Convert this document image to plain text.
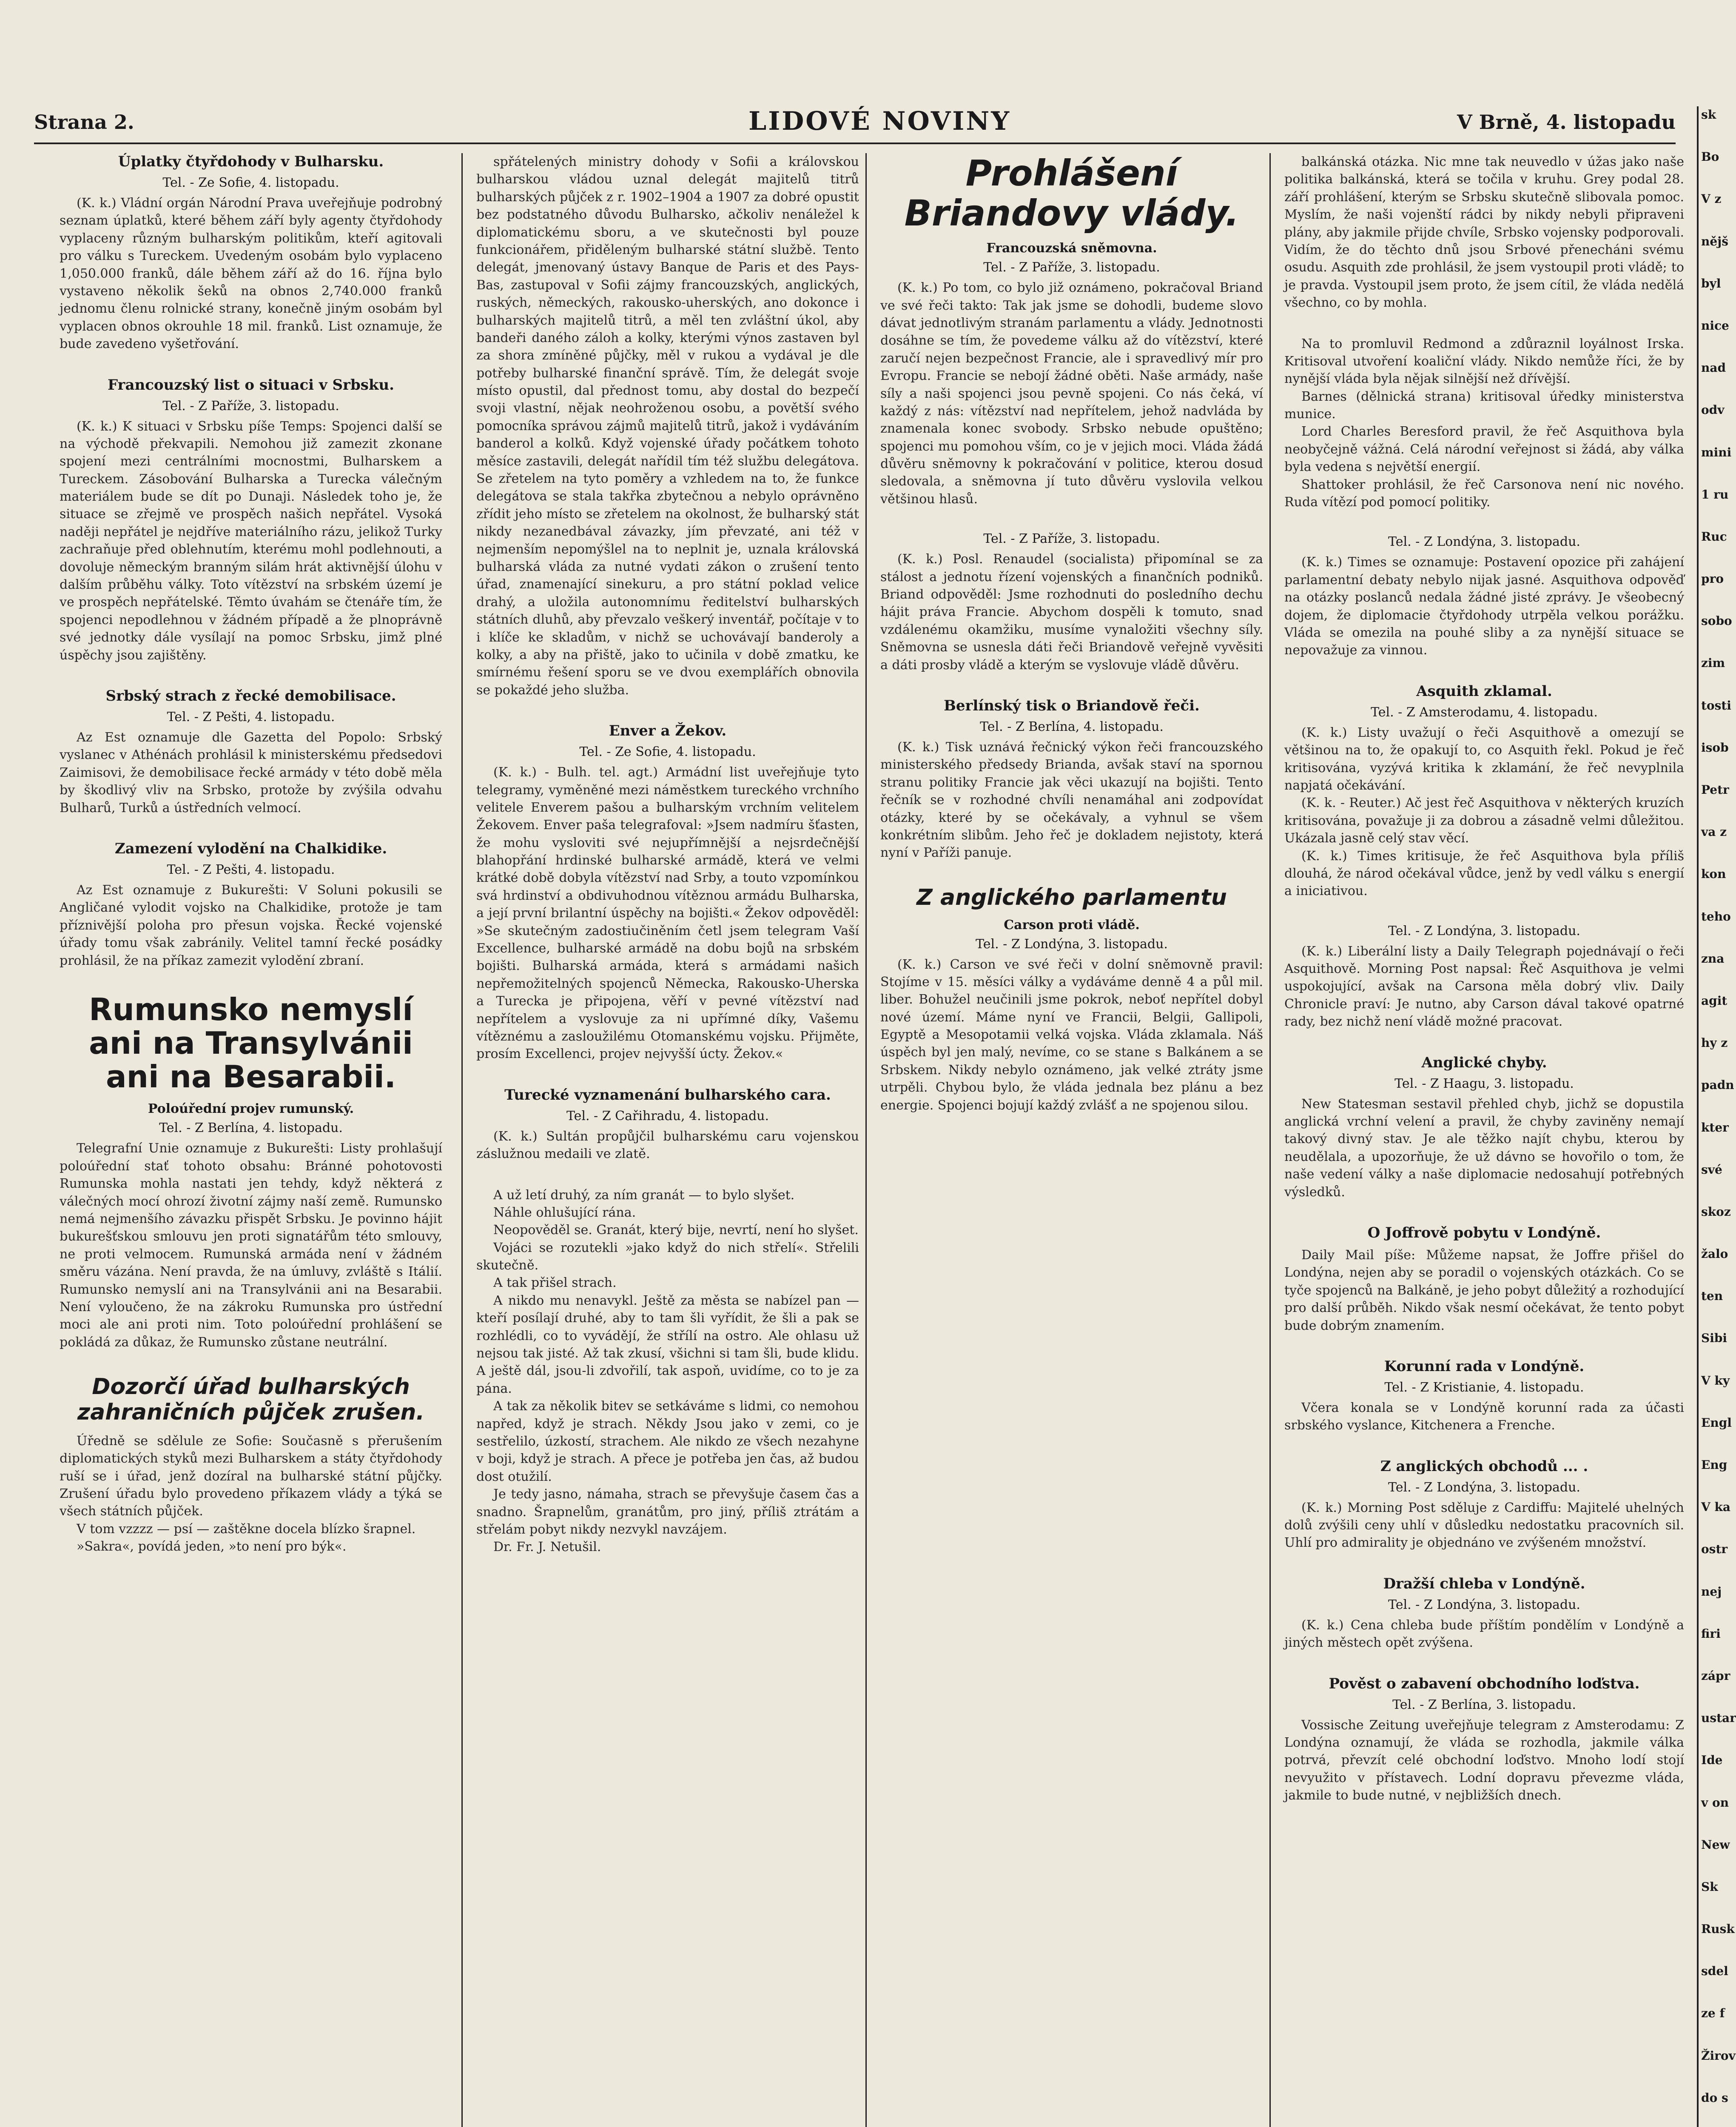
Strana 2.	LIDOVÉ NOVINY	V Brně, 4. listopadu
Úplatky čtyřdohody v Bulharsku.
Tel. - Ze Sofie, 4. listopadu.

(K. k.) Vládní orgán Národní Prava uveřejňuje podrobný seznam úplatků, které během září byly agenty čtyřdohody vyplaceny různým bulharským politikům, kteří agitovali pro válku s Tureckem. Uvedeným osobám bylo vyplaceno 1,050.000 franků, dále během září až do 16. října bylo vystaveno několik šeků na obnos 2,740.000 franků jednomu členu rolnické strany, konečně jiným osobám byl vyplacen obnos okrouhle 18 mil. franků. List oznamuje, že bude zavedeno vyšetřování.

Francouzský list o situaci v Srbsku.
Tel. - Z Paříže, 3. listopadu.

(K. k.) K situaci v Srbsku píše Temps: Spojenci další se na východě překvapili. Nemohou již zamezit zkonane spojení mezi centrálními mocnostmi, Bulharskem a Tureckem. Zásobování Bulharska a Turecka válečným materiálem bude se dít po Dunaji. Následek toho je, že situace se zřejmě ve prospěch našich nepřátel. Vysoká naději nepřátel je nejdříve materiálního rázu, jelikož Turky zachraňuje před oblehnutím, kterému mohl podlehnouti, a dovoluje německým branným silám hrát aktivnější úlohu v dalším průběhu války. Toto vítězství na srbském území je ve prospěch nepřátelské. Těmto úvahám se čtenáře tím, že spojenci nepodlehnou v žádném případě a že plnoprávně své jednotky dále vysílají na pomoc Srbsku, jimž plné úspěchy jsou zajištěny.

Srbský strach z řecké demobilisace.
Tel. - Z Pešti, 4. listopadu.

Az Est oznamuje dle Gazetta del Popolo: Srbský vyslanec v Athénách prohlásil k ministerskému předsedovi Zaimisovi, že demobilisace řecké armády v této době měla by škodlivý vliv na Srbsko, protože by zvýšila odvahu Bulharů, Turků a ústředních velmocí.

Zamezení vylodění na Chalkidike.
Tel. - Z Pešti, 4. listopadu.

Az Est oznamuje z Bukurešti: V Soluni pokusili se Angličané vylodit vojsko na Chalkidike, protože je tam příznivější poloha pro přesun vojska. Řecké vojenské úřady tomu však zabránily. Velitel tamní řecké posádky prohlásil, že na příkaz zamezit vylodění zbraní.

Rumunsko nemyslí ani na Transylvánii ani na Besarabii.
Poloúřední projev rumunský.
Tel. - Z Berlína, 4. listopadu.

Telegrafní Unie oznamuje z Bukurešti: Listy prohlašují poloúřední stať tohoto obsahu: Bránné pohotovosti Rumunska mohla nastati jen tehdy, když některá z válečných mocí ohrozí životní zájmy naší země. Rumunsko nemá nejmenšího závazku přispět Srbsku. Je povinno hájit bukurešťskou smlouvu jen proti signatářům této smlouvy, ne proti velmocem. Rumunská armáda není v žádném směru vázána. Není pravda, že na úmluvy, zvláště s Itálií. Rumunsko nemyslí ani na Transylvánii ani na Besarabii. Není vyloučeno, že na zákroku Rumunska pro ústřední moci ale ani proti nim. Toto poloúřední prohlášení se pokládá za důkaz, že Rumunsko zůstane neutrální.

Dozorčí úřad bulharských zahraničních půjček zrušen.

Úředně se sdělule ze Sofie: Současně s přerušením diplomatických styků mezi Bulharskem a státy čtyřdohody ruší se i úřad, jenž dozíral na bulharské státní půjčky. Zrušení úřadu bylo provedeno příkazem vlády a týká se všech státních půjček.

V tom vzzzz — psí — zaštěkne docela blízko šrapnel.

»Sakra«, povídá jeden, »to není pro býk«.

spřátelených ministry dohody v Sofii a královskou bulharskou vládou uznal delegát majitelů titrů bulharských půjček z r. 1902–1904 a 1907 za dobré opustit bez podstatného důvodu Bulharsko, ačkoliv nenáležel k diplomatickému sboru, a ve skutečnosti byl pouze funkcionářem, přiděleným bulharské státní službě. Tento delegát, jmenovaný ústavy Banque de Paris et des Pays-Bas, zastupoval v Sofii zájmy francouzských, anglických, ruských, německých, rakousko-uherských, ano dokonce i bulharských majitelů titrů, a měl ten zvláštní úkol, aby bandeři daného záloh a kolky, kterými výnos zastaven byl za shora zmíněné půjčky, měl v rukou a vydával je dle potřeby bulharské finanční správě. Tím, že delegát svoje místo opustil, dal přednost tomu, aby dostal do bezpečí svoji vlastní, nějak neohroženou osobu, a povětší svého pomocníka správou zájmů majitelů titrů, jakož i vydáváním banderol a kolků. Když vojenské úřady počátkem tohoto měsíce zastavili, delegát nařídil tím též službu delegátova. Se zřetelem na tyto poměry a vzhledem na to, že funkce delegátova se stala takřka zbytečnou a nebylo oprávněno zřídit jeho místo se zřetelem na okolnost, že bulharský stát nikdy nezanedbával závazky, jím převzaté, ani též v nejmenším nepomýšlel na to neplnit je, uznala královská bulharská vláda za nutné vydati zákon o zrušení tento úřad, znamenající sinekuru, a pro státní poklad velice drahý, a uložila autonomnímu ředitelství bulharských státních dluhů, aby převzalo veškerý inventář, počítaje v to i klíče ke skladům, v nichž se uchovávají banderoly a kolky, a aby na přiště, jako to učinila v době zmatku, ke smírnému řešení sporu se ve dvou exemplářích obnovila se pokaždé jeho služba.

Enver a Žekov.
Tel. - Ze Sofie, 4. listopadu.

(K. k.) - Bulh. tel. agt.) Armádní list uveřejňuje tyto telegramy, vyměněné mezi náměstkem tureckého vrchního velitele Enverem pašou a bulharským vrchním velitelem Žekovem. Enver paša telegrafoval: »Jsem nadmíru šťasten, že mohu vysloviti své nejupřímnější a nejsrdečnější blahopřání hrdinské bulharské armádě, která ve velmi krátké době dobyla vítězství nad Srby, a touto vzpomínkou svá hrdinství a obdivuhodnou vítěznou armádu Bulharska, a její první brilantní úspěchy na bojišti.« Žekov odpověděl: »Se skutečným zadostiučiněním četl jsem telegram Vaší Excellence, bulharské armádě na dobu bojů na srbském bojišti. Bulharská armáda, která s armádami našich nepřemožitelných spojenců Německa, Rakousko-Uherska a Turecka je připojena, věří v pevné vítězství nad nepřítelem a vyslovuje za ni upřímné díky, Vašemu vítěznému a zasloužilému Otomanskému vojsku. Přijměte, prosím Excellenci, projev nejvyšší úcty. Žekov.«

Turecké vyznamenání bulharského cara.
Tel. - Z Cařihradu, 4. listopadu.

(K. k.) Sultán propůjčil bulharskému caru vojenskou záslužnou medaili ve zlatě.

A už letí druhý, za ním granát — to bylo slyšet.

Náhle ohlušující rána.

Neopověděl se. Granát, který bije, nevrtí, není ho slyšet.

Vojáci se rozutekli »jako když do nich střelí«. Střelili skutečně.

A tak přišel strach.

A nikdo mu nenavykl. Ještě za města se nabízel pan — kteří posílají druhé, aby to tam šli vyřídit, že šli a pak se rozhlédli, co to vyvádějí, že střílí na ostro. Ale ohlasu už nejsou tak jisté. Až tak zkusí, všichni si tam šli, bude klidu. A ještě dál, jsou-li zdvořilí, tak aspoň, uvidíme, co to je za pána.

A tak za několik bitev se setkáváme s lidmi, co nemohou napřed, když je strach. Někdy Jsou jako v zemi, co je sestřelilo, úzkostí, strachem. Ale nikdo ze všech nezahyne v boji, když je strach. A přece je potřeba jen čas, až budou dost otužilí.

Je tedy jasno, námaha, strach se převyšuje časem čas a snadno. Šrapnelům, granátům, pro jiný, příliš ztrátám a střelám pobyt nikdy nezvykl navzájem.

Dr. Fr. J. Netušil.

Prohlášení Briandovy vlády.
Francouzská sněmovna.
Tel. - Z Paříže, 3. listopadu.

(K. k.) Po tom, co bylo již oznámeno, pokračoval Briand ve své řeči takto: Tak jak jsme se dohodli, budeme slovo dávat jednotlivým stranám parlamentu a vlády. Jednotnosti dosáhne se tím, že povedeme válku až do vítězství, které zaručí nejen bezpečnost Francie, ale i spravedlivý mír pro Evropu. Francie se nebojí žádné oběti. Naše armády, naše síly a naši spojenci jsou pevně spojeni. Co nás čeká, ví každý z nás: vítězství nad nepřítelem, jehož nadvláda by znamenala konec svobody. Srbsko nebude opuštěno; spojenci mu pomohou vším, co je v jejich moci. Vláda žádá důvěru sněmovny k pokračování v politice, kterou dosud sledovala, a sněmovna jí tuto důvěru vyslovila velkou většinou hlasů.

Tel. - Z Paříže, 3. listopadu.

(K. k.) Posl. Renaudel (socialista) připomínal se za stálost a jednotu řízení vojenských a finančních podniků. Briand odpověděl: Jsme rozhodnuti do posledního dechu hájit práva Francie. Abychom dospěli k tomuto, snad vzdálenému okamžiku, musíme vynaložiti všechny síly. Sněmovna se usnesla dáti řeči Briandově veřejně vyvěsiti a dáti prosby vládě a kterým se vyslovuje vládě důvěru.

Berlínský tisk o Briandově řeči.
Tel. - Z Berlína, 4. listopadu.

(K. k.) Tisk uznává řečnický výkon řeči francouzského ministerského předsedy Brianda, avšak staví na spornou stranu politiky Francie jak věci ukazují na bojišti. Tento řečník se v rozhodné chvíli nenamáhal ani zodpovídat otázky, které by se očekávaly, a vyhnul se všem konkrétním slibům. Jeho řeč je dokladem nejistoty, která nyní v Paříži panuje.

Z anglického parlamentu
Carson proti vládě.
Tel. - Z Londýna, 3. listopadu.

(K. k.) Carson ve své řeči v dolní sněmovně pravil: Stojíme v 15. měsíci války a vydáváme denně 4 a půl mil. liber. Bohužel neučinili jsme pokrok, neboť nepřítel dobyl nové území. Máme nyní ve Francii, Belgii, Gallipoli, Egyptě a Mesopotamii velká vojska. Vláda zklamala. Náš úspěch byl jen malý, nevíme, co se stane s Balkánem a se Srbskem. Nikdy nebylo oznámeno, jak velké ztráty jsme utrpěli. Chybou bylo, že vláda jednala bez plánu a bez energie. Spojenci bojují každý zvlášť a ne spojenou silou.

balkánská otázka. Nic mne tak neuvedlo v úžas jako naše politika balkánská, která se točila v kruhu. Grey podal 28. září prohlášení, kterým se Srbsku skutečně slibovala pomoc. Myslím, že naši vojenští rádci by nikdy nebyli připraveni plány, aby jakmile přijde chvíle, Srbsko vojensky podporovali. Vidím, že do těchto dnů jsou Srbové přenecháni svému osudu. Asquith zde prohlásil, že jsem vystoupil proti vládě; to je pravda. Vystoupil jsem proto, že jsem cítil, že vláda nedělá všechno, co by mohla.

Na to promluvil Redmond a zdůraznil loyálnost Irska. Kritisoval utvoření koaliční vlády. Nikdo nemůže říci, že by nynější vláda byla nějak silnější než dřívější.

Barnes (dělnická strana) kritisoval úředky ministerstva munice.

Lord Charles Beresford pravil, že řeč Asquithova byla neobyčejně vážná. Celá národní veřejnost si žádá, aby válka byla vedena s největší energií.

Shattoker prohlásil, že řeč Carsonova není nic nového. Ruda vítězí pod pomocí politiky.

Tel. - Z Londýna, 3. listopadu.

(K. k.) Times se oznamuje: Postavení opozice při zahájení parlamentní debaty nebylo nijak jasné. Asquithova odpověď na otázky poslanců nedala žádné jisté zprávy. Je všeobecný dojem, že diplomacie čtyřdohody utrpěla velkou porážku. Vláda se omezila na pouhé sliby a za nynější situace se nepovažuje za vinnou.

Asquith zklamal.
Tel. - Z Amsterodamu, 4. listopadu.

(K. k.) Listy uvažují o řeči Asquithově a omezují se většinou na to, že opakují to, co Asquith řekl. Pokud je řeč kritisována, vyzývá kritika k zklamání, že řeč nevyplnila napjatá očekávání.

(K. k. - Reuter.) Ač jest řeč Asquithova v některých kruzích kritisována, považuje ji za dobrou a zásadně velmi důležitou. Ukázala jasně celý stav věcí.

(K. k.) Times kritisuje, že řeč Asquithova byla příliš dlouhá, že národ očekával vůdce, jenž by vedl válku s energií a iniciativou.

Tel. - Z Londýna, 3. listopadu.

(K. k.) Liberální listy a Daily Telegraph pojednávají o řeči Asquithově. Morning Post napsal: Řeč Asquithova je velmi uspokojující, avšak na Carsona měla dobrý vliv. Daily Chronicle praví: Je nutno, aby Carson dával takové opatrné rady, bez nichž není vládě možné pracovat.

Anglické chyby.
Tel. - Z Haagu, 3. listopadu.

New Statesman sestavil přehled chyb, jichž se dopustila anglická vrchní velení a pravil, že chyby zaviněny nemají takový divný stav. Je ale těžko najít chybu, kterou by neudělala, a upozorňuje, že už dávno se hovořilo o tom, že naše vedení války a naše diplomacie nedosahují potřebných výsledků.

O Joffrově pobytu v Londýně.

Daily Mail píše: Můžeme napsat, že Joffre přišel do Londýna, nejen aby se poradil o vojenských otázkách. Co se tyče spojenců na Balkáně, je jeho pobyt důležitý a rozhodující pro další průběh. Nikdo však nesmí očekávat, že tento pobyt bude dobrým znamením.

Korunní rada v Londýně.
Tel. - Z Kristianie, 4. listopadu.

Včera konala se v Londýně korunní rada za účasti srbského vyslance, Kitchenera a Frenche.

Z anglických obchodů ... .
Tel. - Z Londýna, 3. listopadu.

(K. k.) Morning Post sděluje z Cardiffu: Majitelé uhelných dolů zvýšili ceny uhlí v důsledku nedostatku pracovních sil. Uhlí pro admirality je objednáno ve zvýšeném množství.

Dražší chleba v Londýně.
Tel. - Z Londýna, 3. listopadu.

(K. k.) Cena chleba bude příštím pondělím v Londýně a jiných městech opět zvýšena.

Pověst o zabavení obchodního loďstva.
Tel. - Z Berlína, 3. listopadu.

Vossische Zeitung uveřejňuje telegram z Amsterodamu: Z Londýna oznamují, že vláda se rozhodla, jakmile válka potrvá, převzít celé obchodní loďstvo. Mnoho lodí stojí nevyužito v přístavech. Lodní dopravu převezme vláda, jakmile to bude nutné, v nejbližších dnech.

sk
Bo
V z
nějš
byl
nice
nad
odv
mini
1 ru
Ruc
pro
sobo
zim
tosti
isob
Petr
va z
kon
teho
zna
agit
hy z
padn
kter
své
skoz
žalo
ten
Sibi
V ky
Engl
Eng
V ka
ostr
nej
firi
zápr
ustar
Ide
v on
New
Sk
Rusk
sdel
ze f
Žirov
do s
